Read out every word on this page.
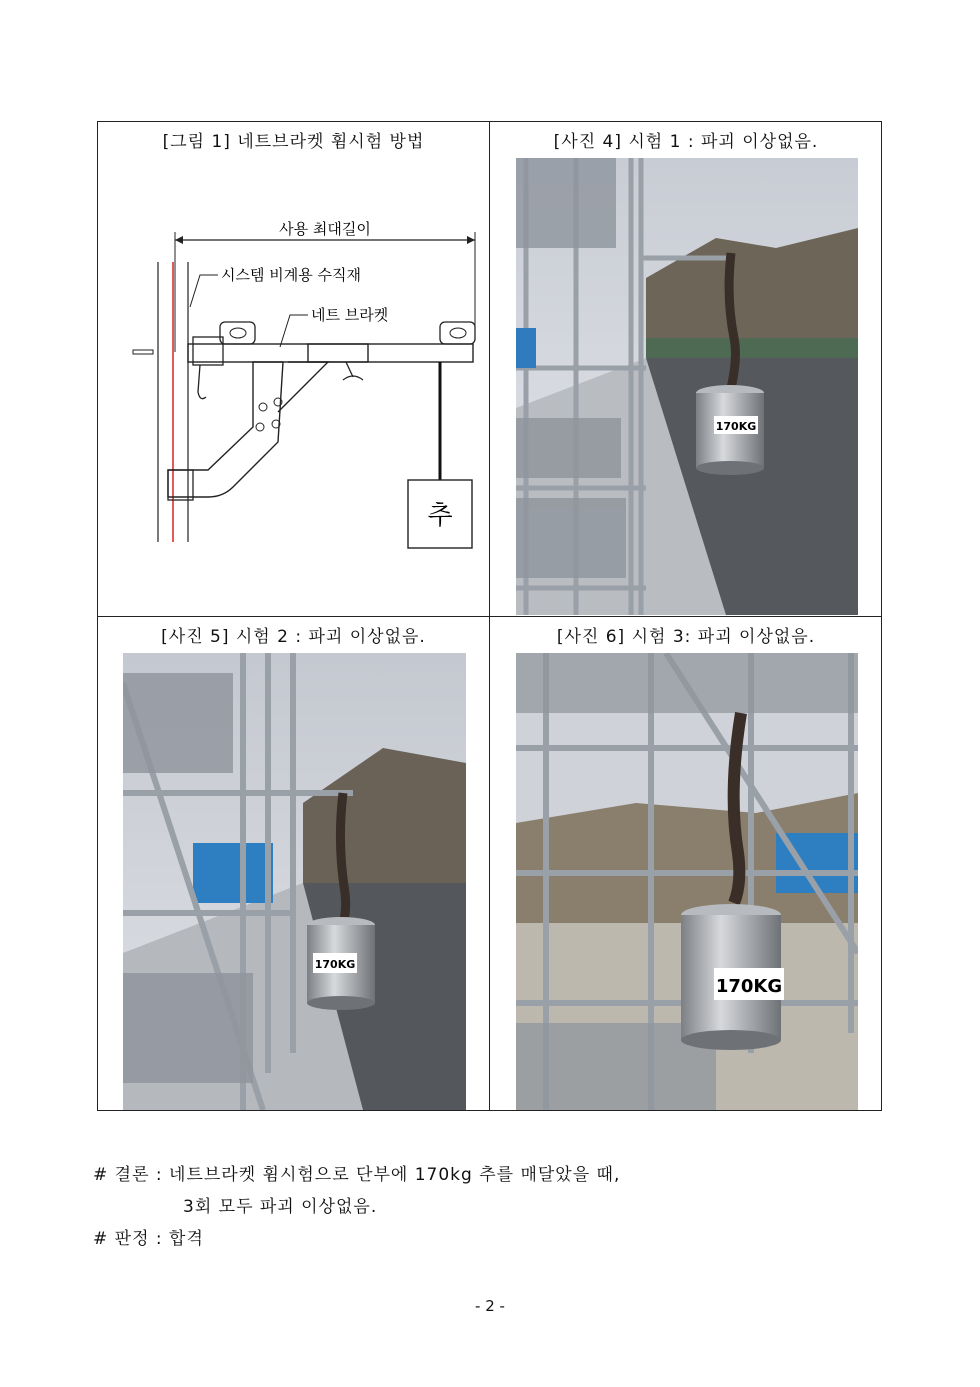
[그림 1] 네트브라켓 휨시험 방법
사용 최대길이
시스템 비계용 수직재
네트 브라켓
추
[사진 4] 시험 1 : 파괴 이상없음.
170KG
[사진 5] 시험 2 : 파괴 이상없음.
170KG
[사진 6] 시험 3: 파괴 이상없음.
170KG
# 결론 : 네트브라켓 휨시험으로 단부에 170kg 추를 매달았을 때,
3회 모두 파괴 이상없음.
# 판정 : 합격
- 2 -
